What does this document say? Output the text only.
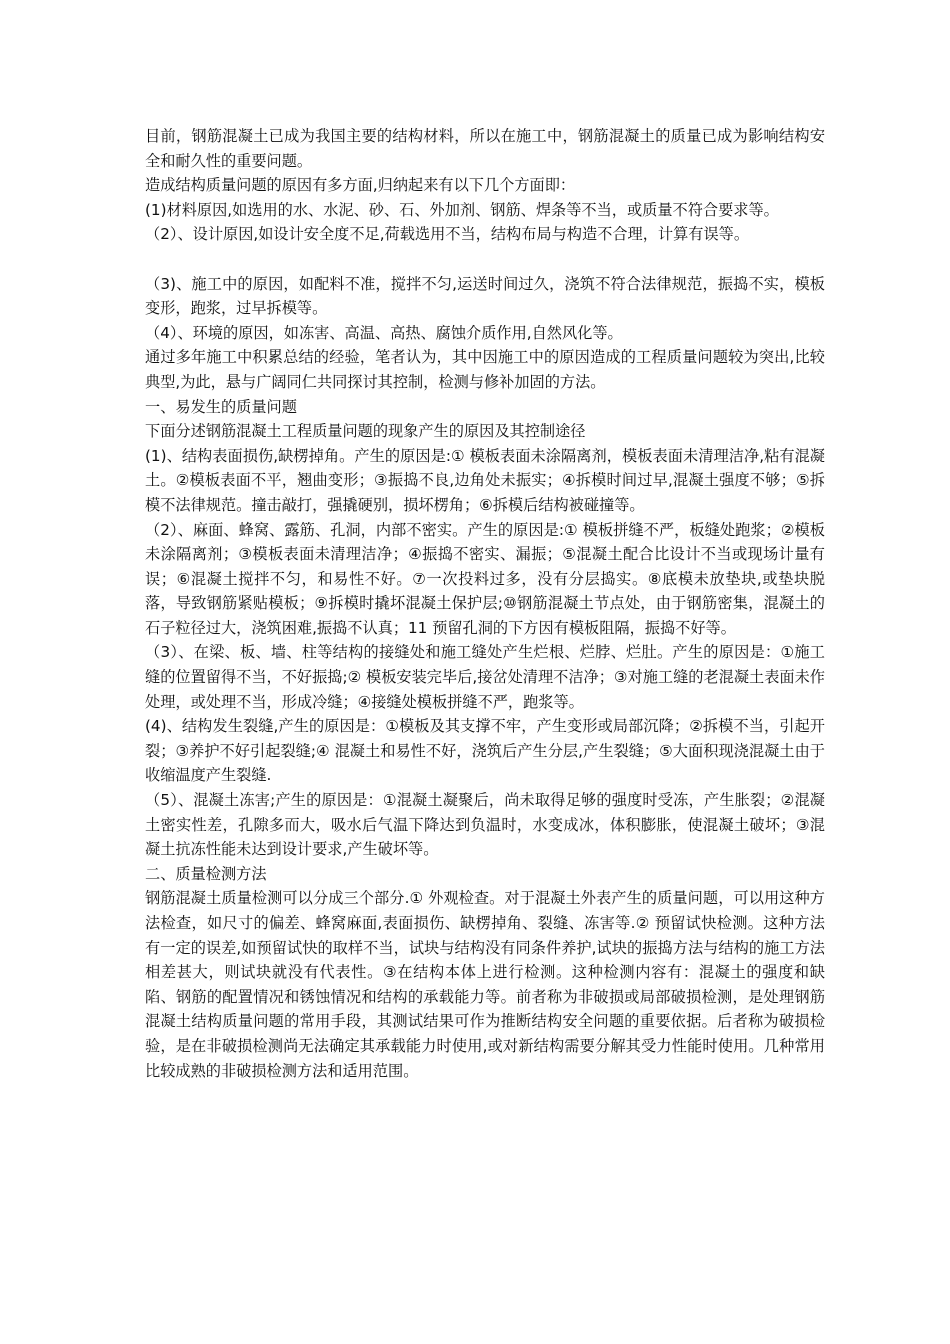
目前，钢筋混凝土已成为我国主要的结构材料，所以在施工中，钢筋混凝土的质量已成为影响结构安全和耐久性的重要问题。

造成结构质量问题的原因有多方面,归纳起来有以下几个方面即：

(1)材料原因,如选用的水、水泥、砂、石、外加剂、钢筋、焊条等不当，或质量不符合要求等。

（2）、设计原因,如设计安全度不足,荷载选用不当，结构布局与构造不合理，计算有误等。

（3)、施工中的原因，如配料不准，搅拌不匀,运送时间过久，浇筑不符合法律规范，振捣不实，模板变形，跑浆，过早拆模等。

（4）、环境的原因，如冻害、高温、高热、腐蚀介质作用,自然风化等。

通过多年施工中积累总结的经验，笔者认为，其中因施工中的原因造成的工程质量问题较为突出,比较典型,为此，悬与广阔同仁共同探讨其控制，检测与修补加固的方法。

一、易发生的质量问题

下面分述钢筋混凝土工程质量问题的现象产生的原因及其控制途径

(1)、结构表面损伤,缺楞掉角。产生的原因是:① 模板表面未涂隔离剂，模板表面未清理洁净,粘有混凝土。②模板表面不平，翘曲变形；③振捣不良,边角处未振实；④拆模时间过早,混凝土强度不够；⑤拆模不法律规范。撞击敲打，强撬硬别，损坏楞角；⑥拆模后结构被碰撞等。

（2）、麻面、蜂窝、露筋、孔洞，内部不密实。产生的原因是:① 模板拼缝不严，板缝处跑浆；②模板未涂隔离剂；③模板表面未清理洁净；④振捣不密实、漏振；⑤混凝土配合比设计不当或现场计量有误；⑥混凝土搅拌不匀，和易性不好。⑦一次投料过多，没有分层捣实。⑧底模未放垫块,或垫块脱落，导致钢筋紧贴模板；⑨拆模时撬坏混凝土保护层;⑩钢筋混凝土节点处，由于钢筋密集，混凝土的石子粒径过大，浇筑困难,振捣不认真；11 预留孔洞的下方因有模板阻隔，振捣不好等。

（3）、在梁、板、墙、柱等结构的接缝处和施工缝处产生烂根、烂脖、烂肚。产生的原因是：①施工缝的位置留得不当，不好振捣;② 模板安装完毕后,接岔处清理不洁净；③对施工缝的老混凝土表面未作处理，或处理不当，形成冷缝；④接缝处模板拼缝不严，跑浆等。

(4)、结构发生裂缝,产生的原因是：①模板及其支撑不牢，产生变形或局部沉降；②拆模不当，引起开裂；③养护不好引起裂缝;④ 混凝土和易性不好，浇筑后产生分层,产生裂缝；⑤大面积现浇混凝土由于收缩温度产生裂缝.

（5）、混凝土冻害;产生的原因是：①混凝土凝聚后，尚未取得足够的强度时受冻，产生胀裂；②混凝土密实性差，孔隙多而大，吸水后气温下降达到负温时，水变成冰，体积膨胀，使混凝土破坏；③混凝土抗冻性能未达到设计要求,产生破坏等。

二、质量检测方法

钢筋混凝土质量检测可以分成三个部分.① 外观检查。对于混凝土外表产生的质量问题，可以用这种方法检查，如尺寸的偏差、蜂窝麻面,表面损伤、缺楞掉角、裂缝、冻害等.② 预留试快检测。这种方法有一定的误差,如预留试快的取样不当，试块与结构没有同条件养护,试块的振捣方法与结构的施工方法相差甚大，则试块就没有代表性。③在结构本体上进行检测。这种检测内容有：混凝土的强度和缺陷、钢筋的配置情况和锈蚀情况和结构的承载能力等。前者称为非破损或局部破损检测，是处理钢筋混凝土结构质量问题的常用手段，其测试结果可作为推断结构安全问题的重要依据。后者称为破损检验，是在非破损检测尚无法确定其承载能力时使用,或对新结构需要分解其受力性能时使用。几种常用比较成熟的非破损检测方法和适用范围。
